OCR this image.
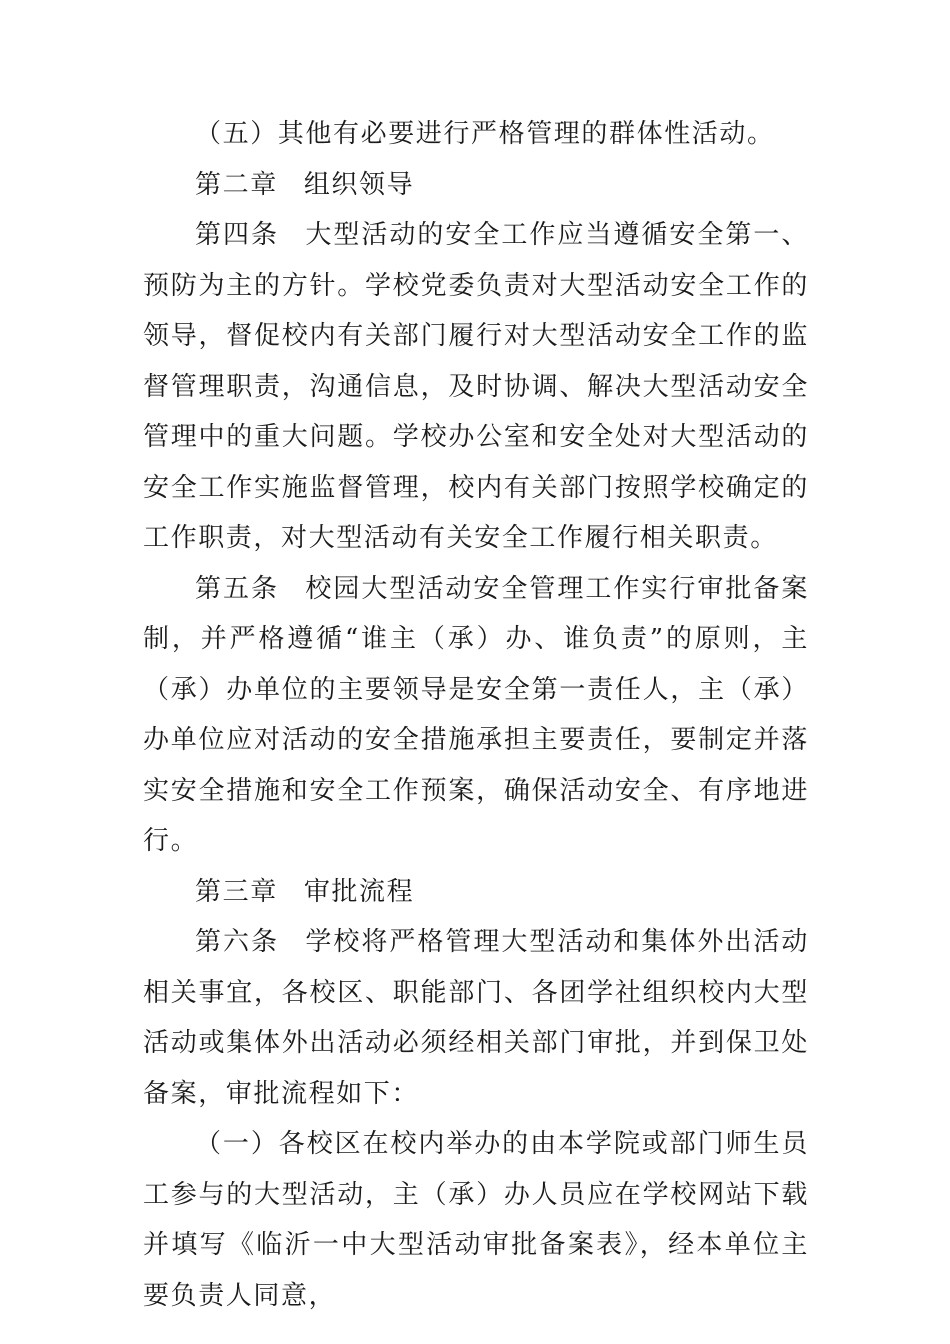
（五）其他有必要进行严格管理的群体性活动。

第二章 组织领导

第四条 大型活动的安全工作应当遵循安全第一、预防为主的方针。学校党委负责对大型活动安全工作的领导，督促校内有关部门履行对大型活动安全工作的监督管理职责，沟通信息，及时协调、解决大型活动安全管理中的重大问题。学校办公室和安全处对大型活动的安全工作实施监督管理，校内有关部门按照学校确定的工作职责，对大型活动有关安全工作履行相关职责。

第五条 校园大型活动安全管理工作实行审批备案制，并严格遵循“谁主（承）办、谁负责”的原则，主（承）办单位的主要领导是安全第一责任人，主（承）办单位应对活动的安全措施承担主要责任，要制定并落实安全措施和安全工作预案，确保活动安全、有序地进行。

第三章 审批流程

第六条 学校将严格管理大型活动和集体外出活动相关事宜，各校区、职能部门、各团学社组织校内大型活动或集体外出活动必须经相关部门审批，并到保卫处备案，审批流程如下：

（一）各校区在校内举办的由本学院或部门师生员工参与的大型活动，主（承）办人员应在学校网站下载并填写《临沂一中大型活动审批备案表》，经本单位主要负责人同意，
